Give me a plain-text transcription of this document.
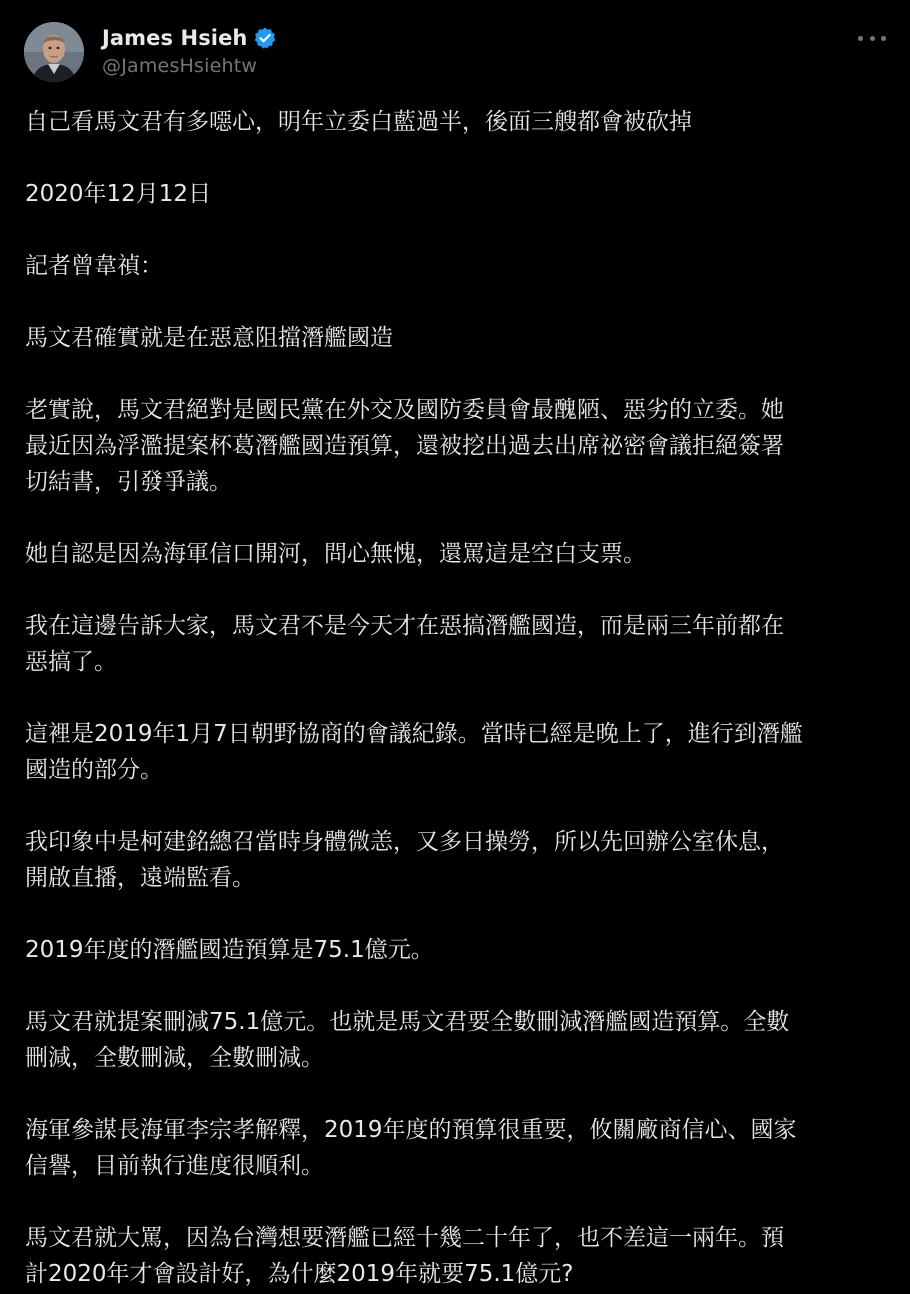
James Hsieh
@JamesHsiehtw

自己看馬文君有多噁心，明年立委白藍過半，後面三艘都會被砍掉

2020年12月12日

記者曾韋禎：

馬文君確實就是在惡意阻擋潛艦國造

老實說，馬文君絕對是國民黨在外交及國防委員會最醜陋、惡劣的立委。她
最近因為浮濫提案杯葛潛艦國造預算，還被挖出過去出席祕密會議拒絕簽署
切結書，引發爭議。

她自認是因為海軍信口開河，問心無愧，還罵這是空白支票。

我在這邊告訴大家，馬文君不是今天才在惡搞潛艦國造，而是兩三年前都在
惡搞了。

這裡是2019年1月7日朝野協商的會議紀錄。當時已經是晚上了，進行到潛艦
國造的部分。

我印象中是柯建銘總召當時身體微恙，又多日操勞，所以先回辦公室休息，
開啟直播，遠端監看。

2019年度的潛艦國造預算是75.1億元。

馬文君就提案刪減75.1億元。也就是馬文君要全數刪減潛艦國造預算。全數
刪減，全數刪減，全數刪減。

海軍參謀長海軍李宗孝解釋，2019年度的預算很重要，攸關廠商信心、國家
信譽，目前執行進度很順利。

馬文君就大罵，因為台灣想要潛艦已經十幾二十年了，也不差這一兩年。預
計2020年才會設計好，為什麼2019年就要75.1億元?
